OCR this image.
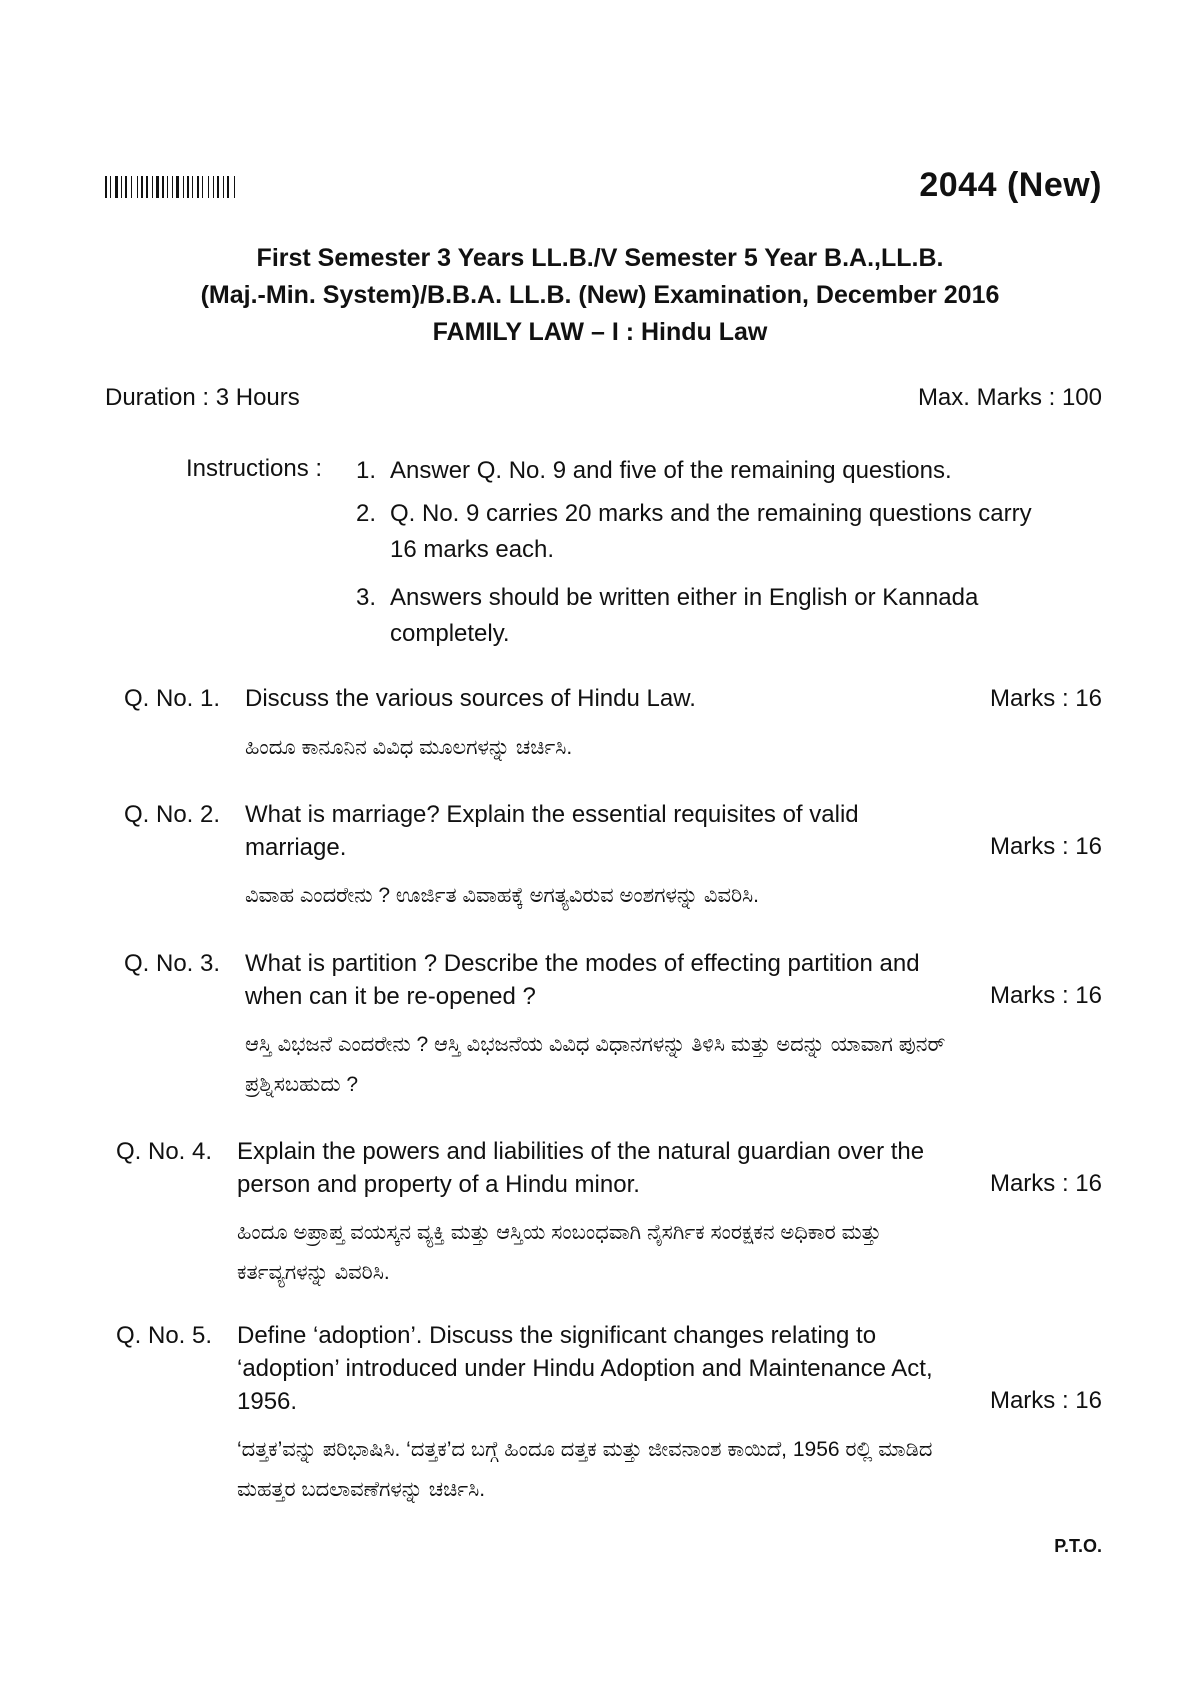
2044 (New)
First Semester 3 Years LL.B./V Semester 5 Year B.A.,LL.B.
(Maj.-Min. System)/B.B.A. LL.B. (New) Examination, December 2016
FAMILY LAW – I : Hindu Law
Duration : 3 Hours	Max. Marks : 100
Instructions : 1. Answer Q. No. 9 and five of the remaining questions.
2. Q. No. 9 carries 20 marks and the remaining questions carry 16 marks each.
3. Answers should be written either in English or Kannada completely.
Q. No. 1. Discuss the various sources of Hindu Law.	Marks : 16
ಹಿಂದೂ ಕಾನೂನಿನ ವಿವಿಧ ಮೂಲಗಳನ್ನು ಚರ್ಚಿಸಿ.
Q. No. 2. What is marriage? Explain the essential requisites of valid marriage.	Marks : 16
ವಿವಾಹ ಎಂದರೇನು ? ಊರ್ಜಿತ ವಿವಾಹಕ್ಕೆ ಅಗತ್ಯವಿರುವ ಅಂಶಗಳನ್ನು ವಿವರಿಸಿ.
Q. No. 3. What is partition ? Describe the modes of effecting partition and when can it be re-opened ?	Marks : 16
ಆಸ್ತಿ ವಿಭಜನೆ ಎಂದರೇನು ? ಆಸ್ತಿ ವಿಭಜನೆಯ ವಿವಿಧ ವಿಧಾನಗಳನ್ನು ತಿಳಿಸಿ ಮತ್ತು ಅದನ್ನು ಯಾವಾಗ ಪುನರ್ ಪ್ರಶ್ನಿಸಬಹುದು ?
Q. No. 4. Explain the powers and liabilities of the natural guardian over the person and property of a Hindu minor.	Marks : 16
ಹಿಂದೂ ಅಪ್ರಾಪ್ತ ವಯಸ್ಕನ ವ್ಯಕ್ತಿ ಮತ್ತು ಆಸ್ತಿಯ ಸಂಬಂಧವಾಗಿ ನೈಸರ್ಗಿಕ ಸಂರಕ್ಷಕನ ಅಧಿಕಾರ ಮತ್ತು ಕರ್ತವ್ಯಗಳನ್ನು ವಿವರಿಸಿ.
Q. No. 5. Define ‘adoption’. Discuss the significant changes relating to ‘adoption’ introduced under Hindu Adoption and Maintenance Act, 1956.	Marks : 16
‘ದತ್ತಕ’ವನ್ನು ಪರಿಭಾಷಿಸಿ. ‘ದತ್ತಕ’ದ ಬಗ್ಗೆ ಹಿಂದೂ ದತ್ತಕ ಮತ್ತು ಜೀವನಾಂಶ ಕಾಯಿದೆ, 1956 ರಲ್ಲಿ ಮಾಡಿದ ಮಹತ್ತರ ಬದಲಾವಣೆಗಳನ್ನು ಚರ್ಚಿಸಿ.
P.T.O.
